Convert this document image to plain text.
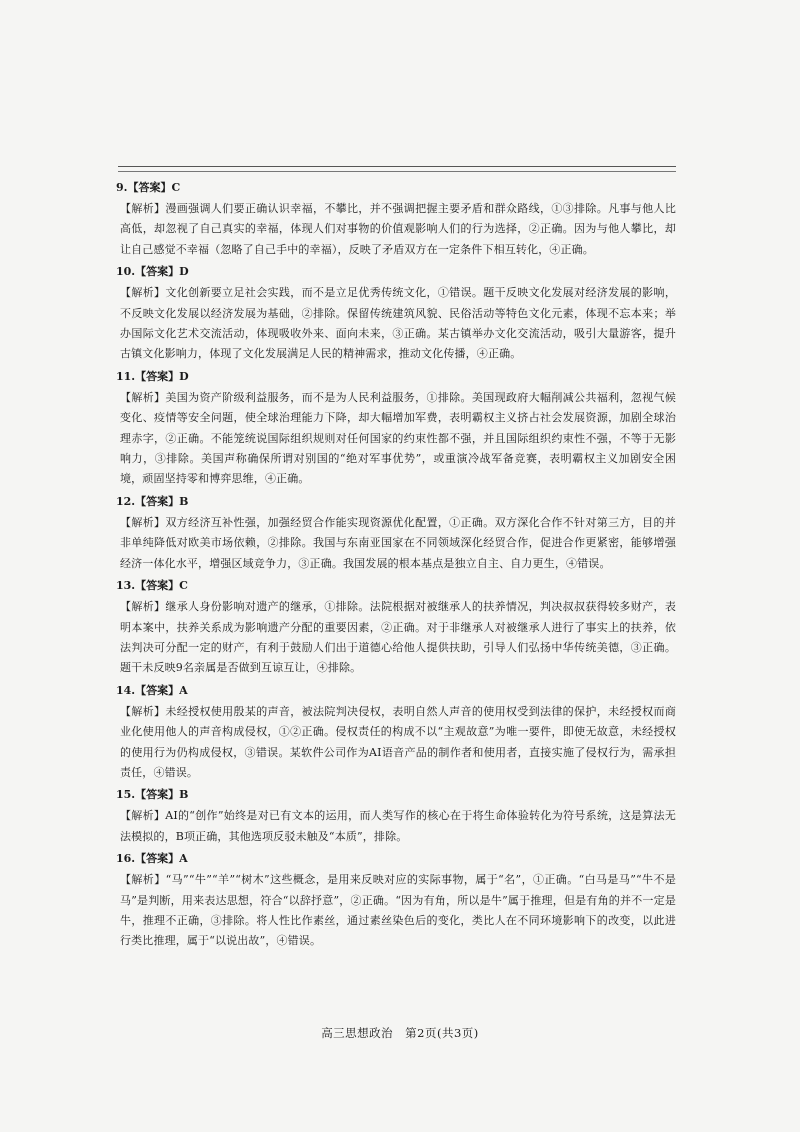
9.【答案】C
【解析】漫画强调人们要正确认识幸福，不攀比，并不强调把握主要矛盾和群众路线，①③排除。凡事与他人比高低，却忽视了自己真实的幸福，体现人们对事物的价值观影响人们的行为选择，②正确。因为与他人攀比，却让自己感觉不幸福（忽略了自己手中的幸福），反映了矛盾双方在一定条件下相互转化，④正确。
10.【答案】D
【解析】文化创新要立足社会实践，而不是立足优秀传统文化，①错误。题干反映文化发展对经济发展的影响，不反映文化发展以经济发展为基础，②排除。保留传统建筑风貌、民俗活动等特色文化元素，体现不忘本来；举办国际文化艺术交流活动，体现吸收外来、面向未来，③正确。某古镇举办文化交流活动，吸引大量游客，提升古镇文化影响力，体现了文化发展满足人民的精神需求，推动文化传播，④正确。
11.【答案】D
【解析】美国为资产阶级利益服务，而不是为人民利益服务，①排除。美国现政府大幅削减公共福利，忽视气候变化、疫情等安全问题，使全球治理能力下降，却大幅增加军费，表明霸权主义挤占社会发展资源，加剧全球治理赤字，②正确。不能笼统说国际组织规则对任何国家的约束性都不强，并且国际组织约束性不强，不等于无影响力，③排除。美国声称确保所谓对别国的“绝对军事优势”，或重演冷战军备竞赛，表明霸权主义加剧安全困境，顽固坚持零和博弈思维，④正确。
12.【答案】B
【解析】双方经济互补性强，加强经贸合作能实现资源优化配置，①正确。双方深化合作不针对第三方，目的并非单纯降低对欧美市场依赖，②排除。我国与东南亚国家在不同领域深化经贸合作，促进合作更紧密，能够增强经济一体化水平，增强区域竞争力，③正确。我国发展的根本基点是独立自主、自力更生，④错误。
13.【答案】C
【解析】继承人身份影响对遗产的继承，①排除。法院根据对被继承人的扶养情况，判决叔叔获得较多财产，表明本案中，扶养关系成为影响遗产分配的重要因素，②正确。对于非继承人对被继承人进行了事实上的扶养，依法判决可分配一定的财产，有利于鼓励人们出于道德心给他人提供扶助，引导人们弘扬中华传统美德，③正确。题干未反映9名亲属是否做到互谅互让，④排除。
14.【答案】A
【解析】未经授权使用殷某的声音，被法院判决侵权，表明自然人声音的使用权受到法律的保护，未经授权而商业化使用他人的声音构成侵权，①②正确。侵权责任的构成不以“主观故意”为唯一要件，即使无故意，未经授权的使用行为仍构成侵权，③错误。某软件公司作为AI语音产品的制作者和使用者，直接实施了侵权行为，需承担责任，④错误。
15.【答案】B
【解析】AI的“创作”始终是对已有文本的运用，而人类写作的核心在于将生命体验转化为符号系统，这是算法无法模拟的，B项正确，其他选项反驳未触及“本质”，排除。
16.【答案】A
【解析】“马”“牛”“羊”“树木”这些概念，是用来反映对应的实际事物，属于“名”，①正确。“白马是马”“牛不是马”是判断，用来表达思想，符合“以辞抒意”，②正确。“因为有角，所以是牛”属于推理，但是有角的并不一定是牛，推理不正确，③排除。将人性比作素丝，通过素丝染色后的变化，类比人在不同环境影响下的改变，以此进行类比推理，属于“以说出故”，④错误。
高三思想政治　第2页(共3页)
